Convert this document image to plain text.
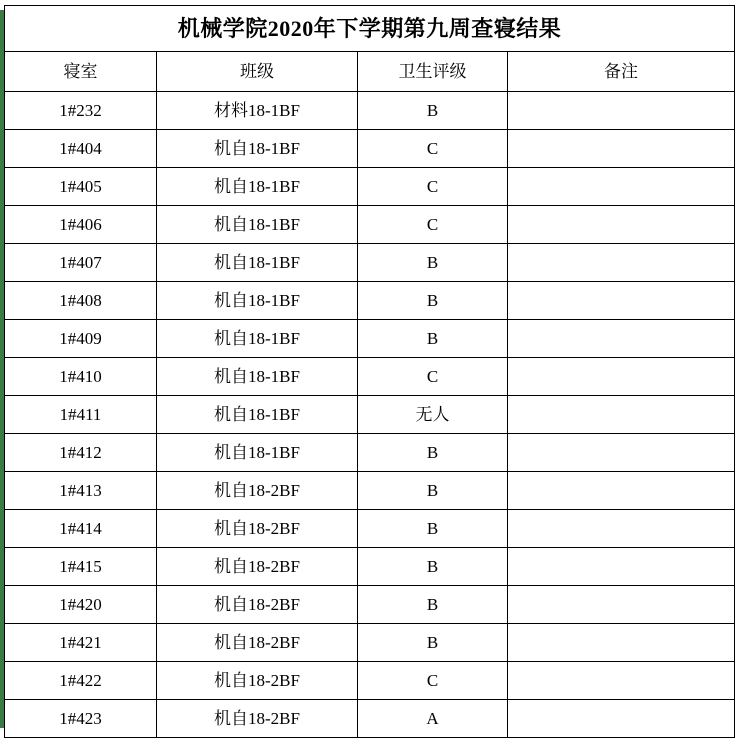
机械学院2020年下学期第九周查寝结果			
寝室	班级	卫生评级	备注
1#232	材料18-1BF	B	
1#404	机自18-1BF	C	
1#405	机自18-1BF	C	
1#406	机自18-1BF	C	
1#407	机自18-1BF	B	
1#408	机自18-1BF	B	
1#409	机自18-1BF	B	
1#410	机自18-1BF	C	
1#411	机自18-1BF	无人	
1#412	机自18-1BF	B	
1#413	机自18-2BF	B	
1#414	机自18-2BF	B	
1#415	机自18-2BF	B	
1#420	机自18-2BF	B	
1#421	机自18-2BF	B	
1#422	机自18-2BF	C	
1#423	机自18-2BF	A	
